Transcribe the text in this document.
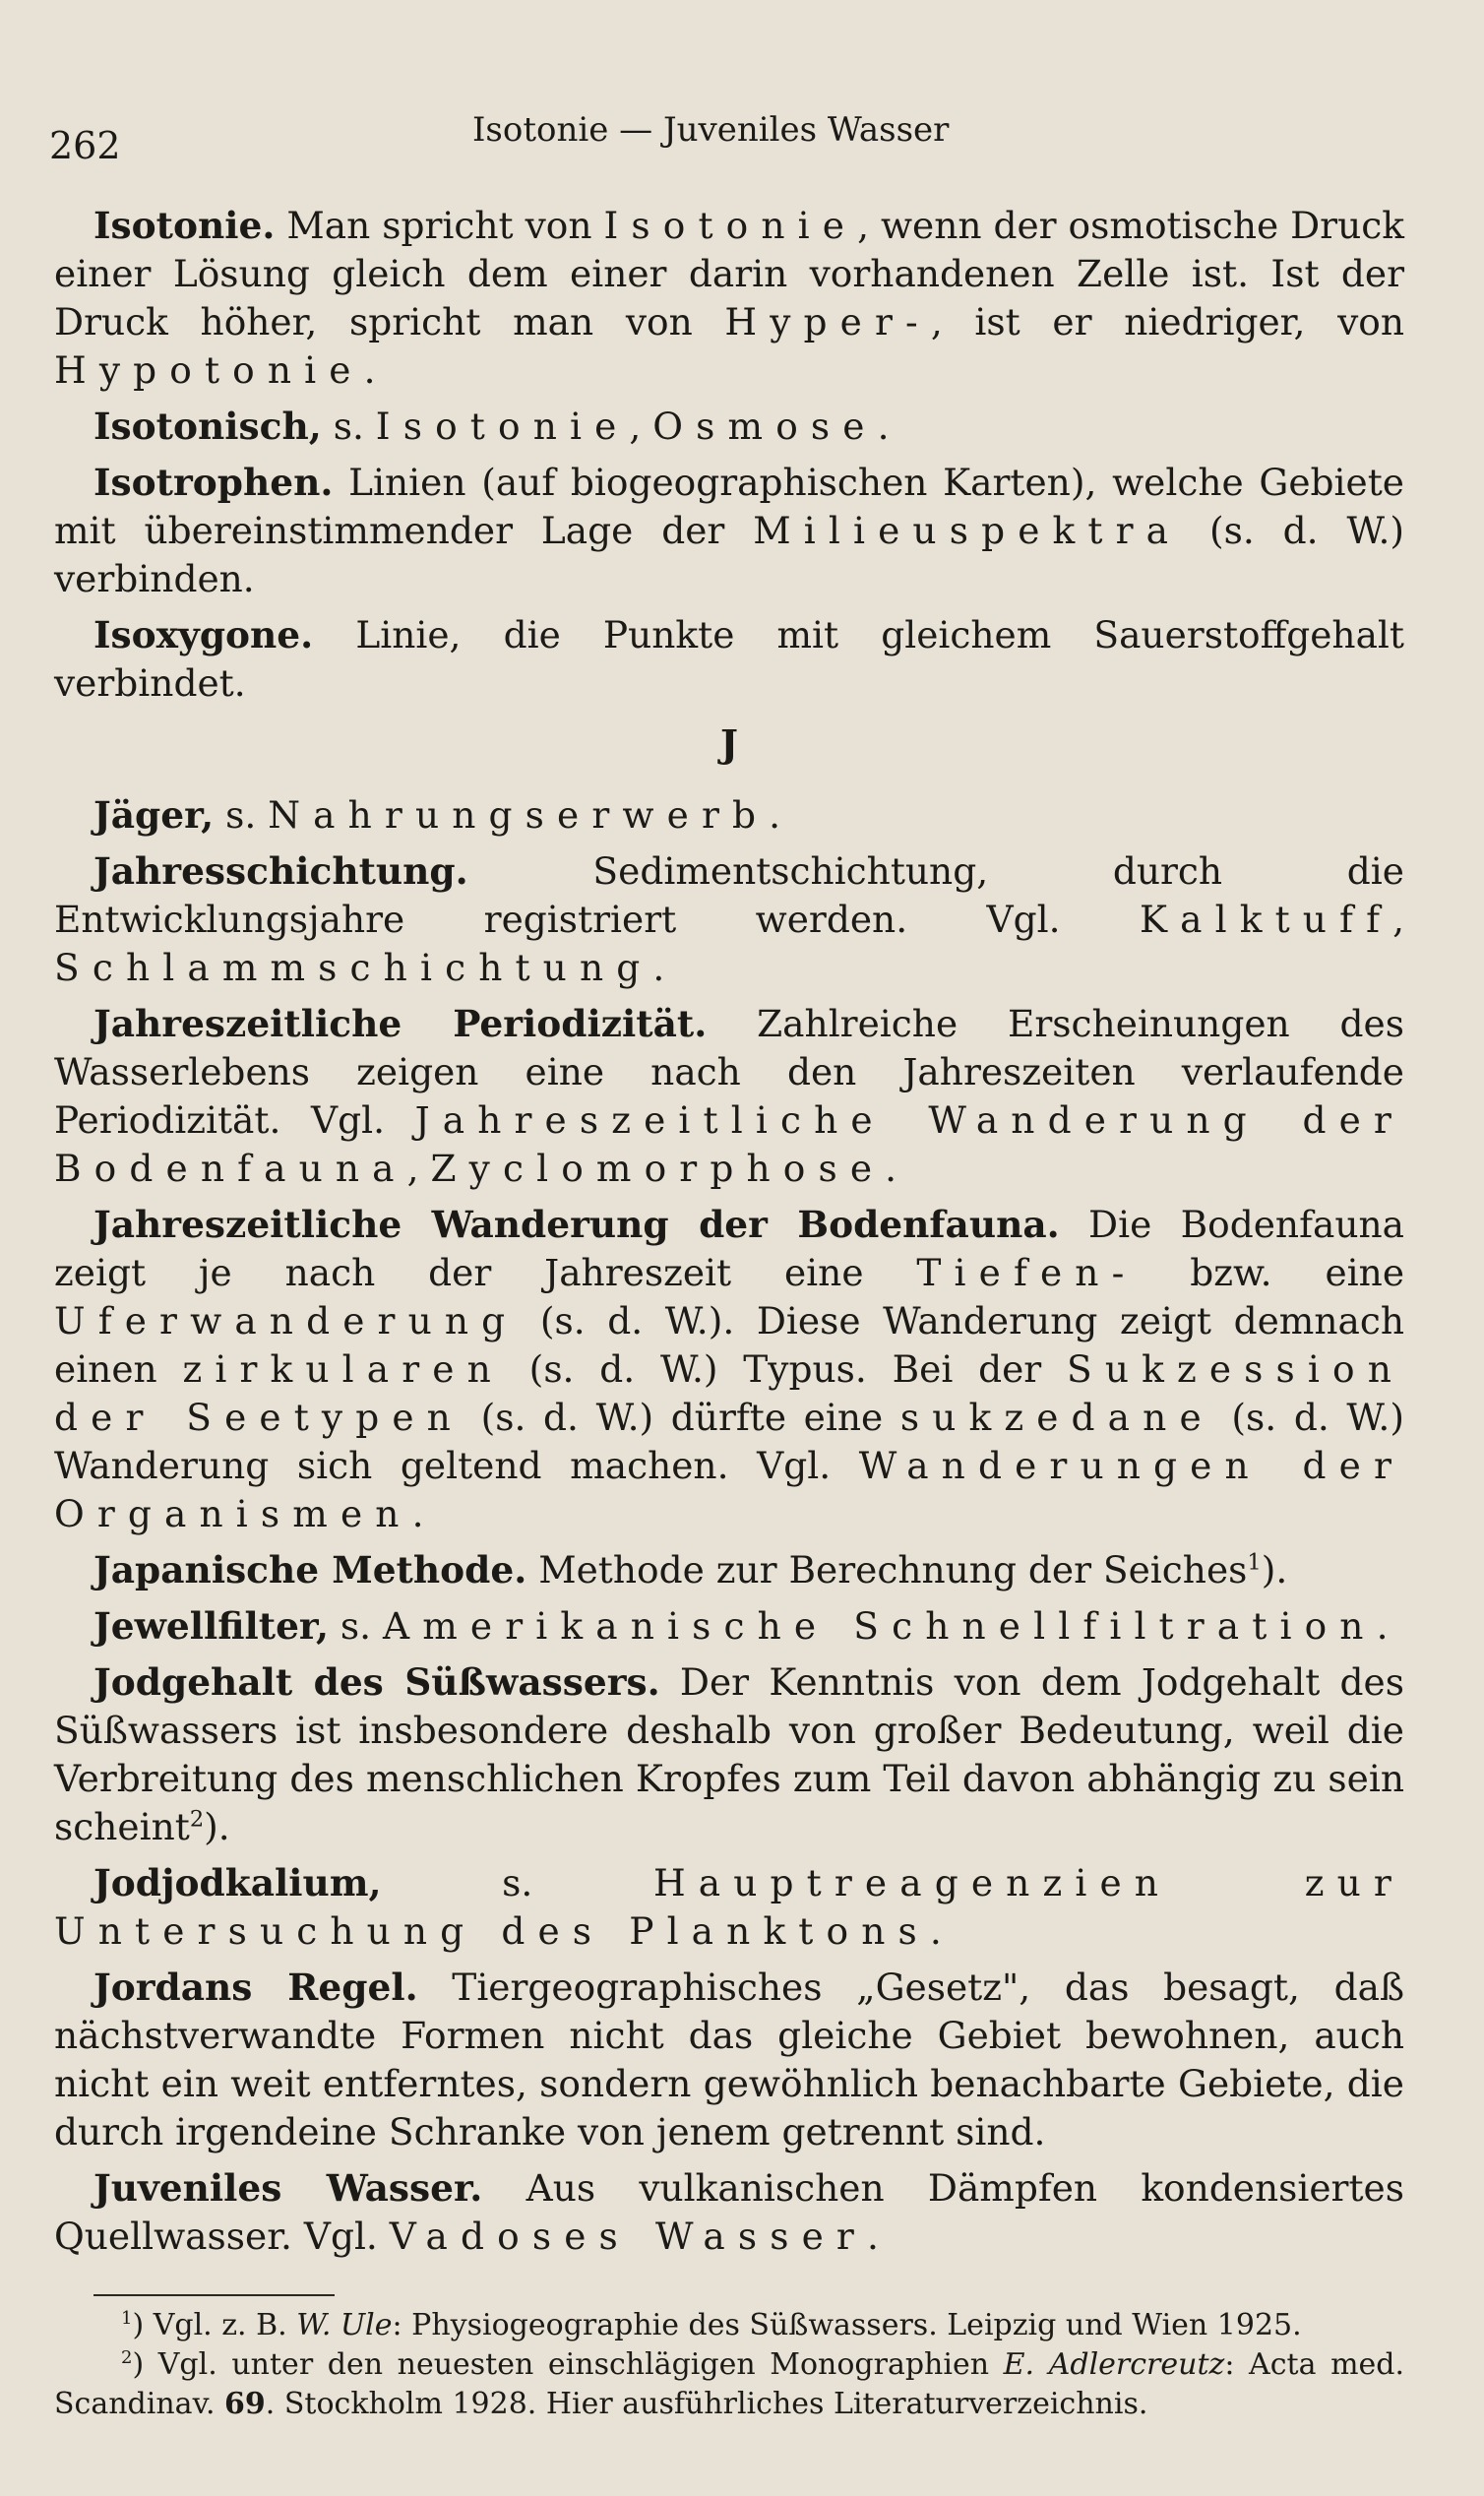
262	Isotonie — Juveniles Wasser

Isotonie. Man spricht von Isotonie, wenn der osmotische Druck einer Lösung gleich dem einer darin vorhandenen Zelle ist. Ist der Druck höher, spricht man von Hyper-, ist er niedriger, von Hypotonie.

Isotonisch, s. Isotonie, Osmose.

Isotrophen. Linien (auf biogeographischen Karten), welche Gebiete mit übereinstimmender Lage der Milieuspektra (s. d. W.) verbinden.

Isoxygone. Linie, die Punkte mit gleichem Sauerstoffgehalt verbindet.

J

Jäger, s. Nahrungserwerb.

Jahresschichtung. Sedimentschichtung, durch die Entwicklungsjahre registriert werden. Vgl. Kalktuff, Schlammschichtung.

Jahreszeitliche Periodizität. Zahlreiche Erscheinungen des Wasserlebens zeigen eine nach den Jahreszeiten verlaufende Periodizität. Vgl. Jahreszeitliche Wanderung der Bodenfauna, Zyclomorphose.

Jahreszeitliche Wanderung der Bodenfauna. Die Bodenfauna zeigt je nach der Jahreszeit eine Tiefen- bzw. eine Uferwanderung (s. d. W.). Diese Wanderung zeigt demnach einen zirkularen (s. d. W.) Typus. Bei der Sukzession der Seetypen (s. d. W.) dürfte eine sukzedane (s. d. W.) Wanderung sich geltend machen. Vgl. Wanderungen der Organismen.

Japanische Methode. Methode zur Berechnung der Seiches$^1$).

Jewellfilter, s. Amerikanische Schnellfiltration.

Jodgehalt des Süßwassers. Der Kenntnis von dem Jodgehalt des Süßwassers ist insbesondere deshalb von großer Bedeutung, weil die Verbreitung des menschlichen Kropfes zum Teil davon abhängig zu sein scheint$^2$).

Jodjodkalium, s. Hauptreagenzien zur Untersuchung des Planktons.

Jordans Regel. Tiergeographisches „Gesetz", das besagt, daß nächstverwandte Formen nicht das gleiche Gebiet bewohnen, auch nicht ein weit entferntes, sondern gewöhnlich benachbarte Gebiete, die durch irgendeine Schranke von jenem getrennt sind.

Juveniles Wasser. Aus vulkanischen Dämpfen kondensiertes Quellwasser. Vgl. Vadoses Wasser.

$^1$) Vgl. z. B. W. Ule: Physiogeographie des Süßwassers. Leipzig und Wien 1925.

$^2$) Vgl. unter den neuesten einschlägigen Monographien E. Adlercreutz: Acta med. Scandinav. 69. Stockholm 1928. Hier ausführliches Literaturverzeichnis.
